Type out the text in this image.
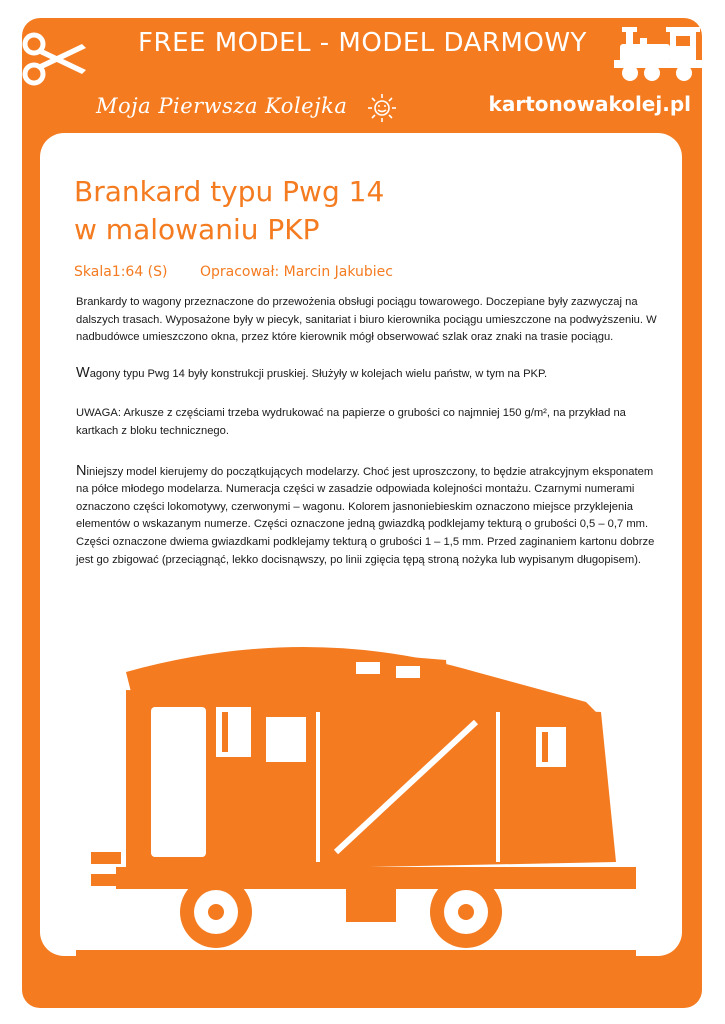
FREE MODEL - MODEL DARMOWY
Moja Pierwsza Kolejka	kartonowakolej.pl
Brankard typu Pwg 14
w malowaniu PKP
Skala1:64 (S) Opracował: Marcin Jakubiec

Brankardy to wagony przeznaczone do przewożenia obsługi pociągu towarowego. Doczepiane były zazwyczaj na dalszych trasach. Wyposażone były w piecyk, sanitariat i biuro kierownika pociągu umieszczone na podwyższeniu. W nadbudówce umieszczono okna, przez które kierownik mógł obserwować szlak oraz znaki na trasie pociągu.

Wagony typu Pwg 14 były konstrukcji pruskiej. Służyły w kolejach wielu państw, w tym na PKP.

UWAGA: Arkusze z częściami trzeba wydrukować na papierze o grubości co najmniej 150 g/m², na przykład na kartkach z bloku technicznego.

Niniejszy model kierujemy do początkujących modelarzy. Choć jest uproszczony, to będzie atrakcyjnym eksponatem na półce młodego modelarza. Numeracja części w zasadzie odpowiada kolejności montażu. Czarnymi numerami oznaczono części lokomotywy, czerwonymi – wagonu. Kolorem jasnoniebieskim oznaczono miejsce przyklejenia elementów o wskazanym numerze. Części oznaczone jedną gwiazdką podklejamy tekturą o grubości 0,5 – 0,7 mm. Części oznaczone dwiema gwiazdkami podklejamy tekturą o grubości 1 – 1,5 mm. Przed zaginaniem kartonu dobrze jest go zbigować (przeciągnąć, lekko docisnąwszy, po linii zgięcia tępą stroną nożyka lub wypisanym długopisem).
